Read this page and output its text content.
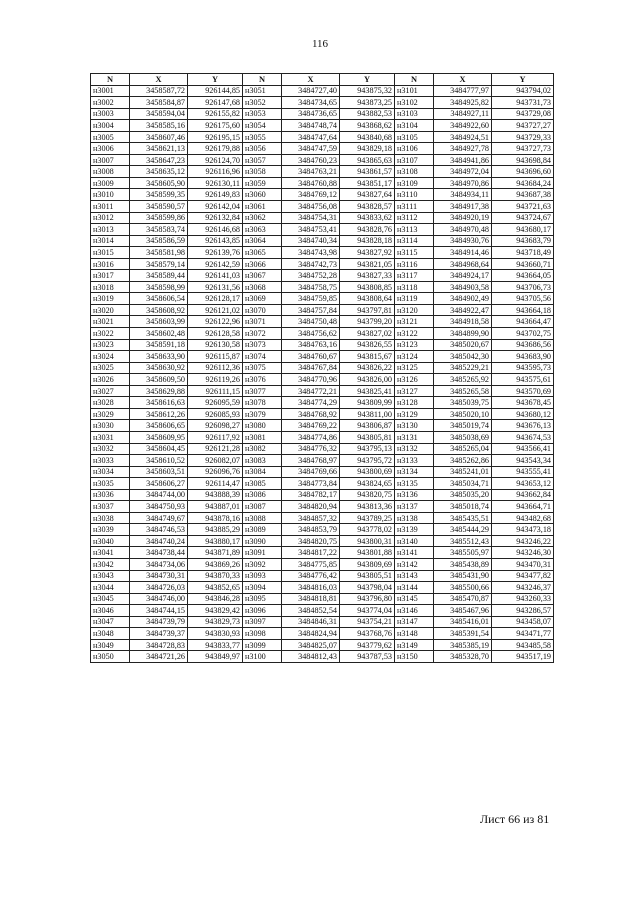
116
N	X	Y	N	X	Y	N	X	Y
н3001	3458587,72	926144,85	н3051	3484727,40	943875,32	н3101	3484777,97	943794,02
н3002	3458584,87	926147,68	н3052	3484734,65	943873,25	н3102	3484925,82	943731,73
н3003	3458594,04	926155,82	н3053	3484736,65	943882,53	н3103	3484927,11	943729,08
н3004	3458585,16	926175,60	н3054	3484748,74	943868,62	н3104	3484922,60	943727,27
н3005	3458607,46	926195,15	н3055	3484747,64	943840,68	н3105	3484924,51	943729,33
н3006	3458621,13	926179,88	н3056	3484747,59	943829,18	н3106	3484927,78	943727,73
н3007	3458647,23	926124,70	н3057	3484760,23	943865,63	н3107	3484941,86	943698,84
н3008	3458635,12	926116,96	н3058	3484763,21	943861,57	н3108	3484972,04	943696,60
н3009	3458605,90	926130,11	н3059	3484760,88	943851,17	н3109	3484970,86	943684,24
н3010	3458599,35	926149,83	н3060	3484769,12	943827,64	н3110	3484934,11	943687,38
н3011	3458590,57	926142,04	н3061	3484756,08	943828,57	н3111	3484917,38	943721,63
н3012	3458599,86	926132,84	н3062	3484754,31	943833,62	н3112	3484920,19	943724,67
н3013	3458583,74	926146,68	н3063	3484753,41	943828,76	н3113	3484970,48	943680,17
н3014	3458586,59	926143,85	н3064	3484740,34	943828,18	н3114	3484930,76	943683,79
н3015	3458581,98	926139,76	н3065	3484743,98	943827,92	н3115	3484914,46	943718,49
н3016	3458579,14	926142,59	н3066	3484742,73	943821,05	н3116	3484968,64	943660,71
н3017	3458589,44	926141,03	н3067	3484752,28	943827,33	н3117	3484924,17	943664,05
н3018	3458598,99	926131,56	н3068	3484758,75	943808,85	н3118	3484903,58	943706,73
н3019	3458606,54	926128,17	н3069	3484759,85	943808,64	н3119	3484902,49	943705,56
н3020	3458608,92	926121,02	н3070	3484757,84	943797,81	н3120	3484922,47	943664,18
н3021	3458603,99	926122,96	н3071	3484750,48	943799,20	н3121	3484918,58	943664,47
н3022	3458602,48	926128,58	н3072	3484756,62	943827,02	н3122	3484899,90	943702,75
н3023	3458591,18	926130,58	н3073	3484763,16	943826,55	н3123	3485020,67	943686,56
н3024	3458633,90	926115,87	н3074	3484760,67	943815,67	н3124	3485042,30	943683,90
н3025	3458630,92	926112,36	н3075	3484767,84	943826,22	н3125	3485229,21	943595,73
н3026	3458609,50	926119,26	н3076	3484770,96	943826,00	н3126	3485265,92	943575,61
н3027	3458629,88	926111,15	н3077	3484772,21	943825,41	н3127	3485265,58	943570,69
н3028	3458616,63	926095,59	н3078	3484774,29	943809,99	н3128	3485039,75	943678,45
н3029	3458612,26	926085,93	н3079	3484768,92	943811,00	н3129	3485020,10	943680,12
н3030	3458606,65	926098,27	н3080	3484769,22	943806,87	н3130	3485019,74	943676,13
н3031	3458609,95	926117,92	н3081	3484774,86	943805,81	н3131	3485038,69	943674,53
н3032	3458604,45	926121,28	н3082	3484776,32	943795,13	н3132	3485265,04	943566,41
н3033	3458610,52	926082,07	н3083	3484768,97	943795,72	н3133	3485262,86	943543,34
н3034	3458603,51	926096,76	н3084	3484769,66	943800,69	н3134	3485241,01	943555,41
н3035	3458606,27	926114,47	н3085	3484773,84	943824,65	н3135	3485034,71	943653,12
н3036	3484744,00	943888,39	н3086	3484782,17	943820,75	н3136	3485035,20	943662,84
н3037	3484750,93	943887,01	н3087	3484820,94	943813,36	н3137	3485018,74	943664,71
н3038	3484749,67	943878,16	н3088	3484857,32	943789,25	н3138	3485435,51	943482,68
н3039	3484746,53	943885,29	н3089	3484853,79	943778,02	н3139	3485444,29	943473,18
н3040	3484740,24	943880,17	н3090	3484820,75	943800,31	н3140	3485512,43	943246,22
н3041	3484738,44	943871,89	н3091	3484817,22	943801,88	н3141	3485505,97	943246,30
н3042	3484734,06	943869,26	н3092	3484775,85	943809,69	н3142	3485438,89	943470,31
н3043	3484730,31	943870,33	н3093	3484776,42	943805,51	н3143	3485431,90	943477,82
н3044	3484726,03	943852,65	н3094	3484816,03	943798,04	н3144	3485500,66	943246,37
н3045	3484746,00	943846,28	н3095	3484818,81	943796,80	н3145	3485470,87	943260,33
н3046	3484744,15	943829,42	н3096	3484852,54	943774,04	н3146	3485467,96	943286,57
н3047	3484739,79	943829,73	н3097	3484846,31	943754,21	н3147	3485416,01	943458,07
н3048	3484739,37	943830,93	н3098	3484824,94	943768,76	н3148	3485391,54	943471,77
н3049	3484728,83	943833,77	н3099	3484825,07	943779,62	н3149	3485385,19	943485,58
н3050	3484721,26	943849,97	н3100	3484812,43	943787,53	н3150	3485328,70	943517,19
Лист 66 из 81
